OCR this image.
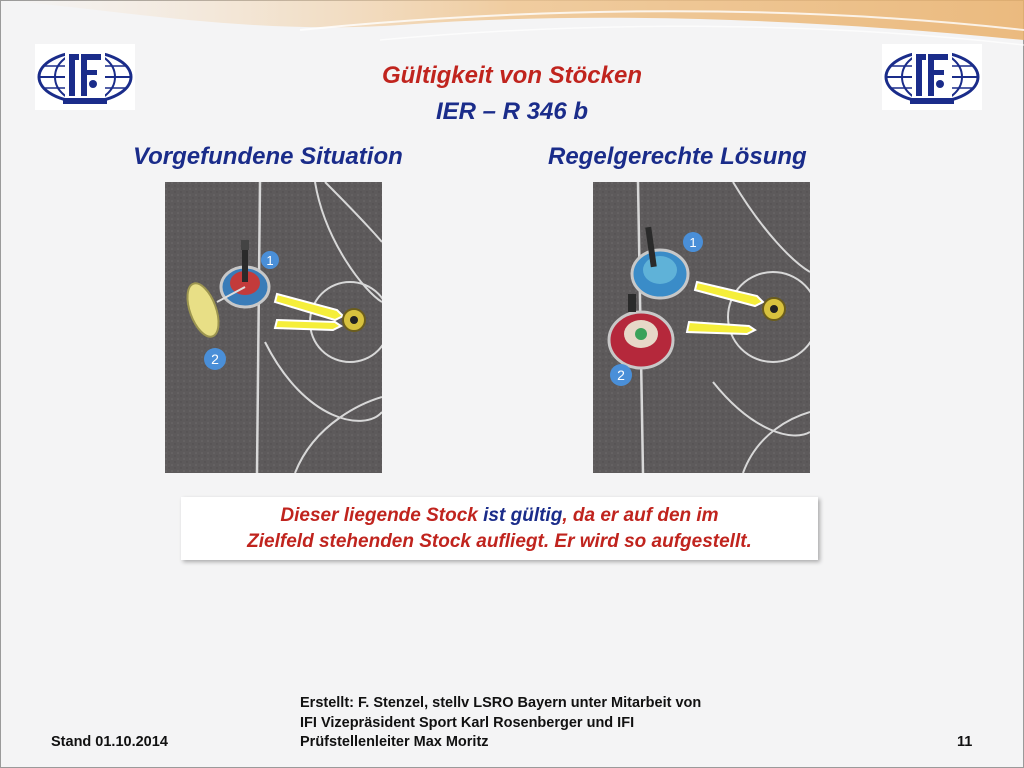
Gültigkeit von Stöcken
IER – R 346 b
Vorgefundene Situation	Regelgerechte Lösung
1
2
1
2
Dieser liegende Stock ist gültig, da er auf den im
Zielfeld stehenden Stock aufliegt. Er wird so aufgestellt.
Stand 01.10.2014
Erstellt: F. Stenzel, stellv LSRO Bayern unter Mitarbeit von
IFI Vizepräsident Sport Karl Rosenberger und IFI
Prüfstellenleiter Max Moritz	11
